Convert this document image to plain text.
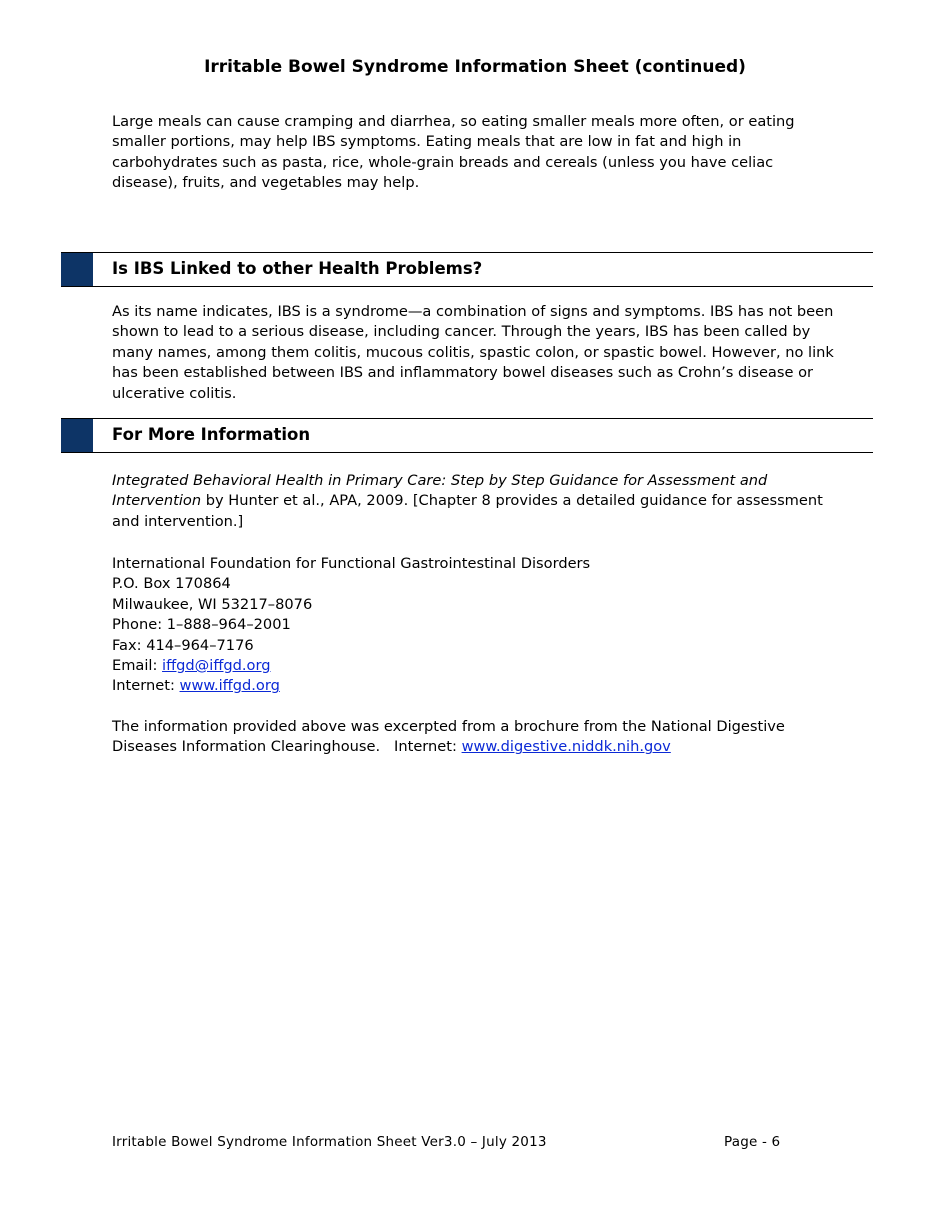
Irritable Bowel Syndrome Information Sheet (continued)
Large meals can cause cramping and diarrhea, so eating smaller meals more often, or eating smaller portions, may help IBS symptoms. Eating meals that are low in fat and high in carbohydrates such as pasta, rice, whole-grain breads and cereals (unless you have celiac disease), fruits, and vegetables may help.
Is IBS Linked to other Health Problems?
As its name indicates, IBS is a syndrome—a combination of signs and symptoms. IBS has not been shown to lead to a serious disease, including cancer. Through the years, IBS has been called by many names, among them colitis, mucous colitis, spastic colon, or spastic bowel. However, no link has been established between IBS and inflammatory bowel diseases such as Crohn’s disease or ulcerative colitis.
For More Information
Integrated Behavioral Health in Primary Care: Step by Step Guidance for Assessment and Intervention by Hunter et al., APA, 2009. [Chapter 8 provides a detailed guidance for assessment and intervention.]
International Foundation for Functional Gastrointestinal Disorders
P.O. Box 170864
Milwaukee, WI 53217–8076
Phone: 1–888–964–2001
Fax: 414–964–7176
Email: iffgd@iffgd.org
Internet: www.iffgd.org
The information provided above was excerpted from a brochure from the National Digestive Diseases Information Clearinghouse.   Internet: www.digestive.niddk.nih.gov
Irritable Bowel Syndrome Information Sheet Ver3.0 – July 2013	Page - 6
